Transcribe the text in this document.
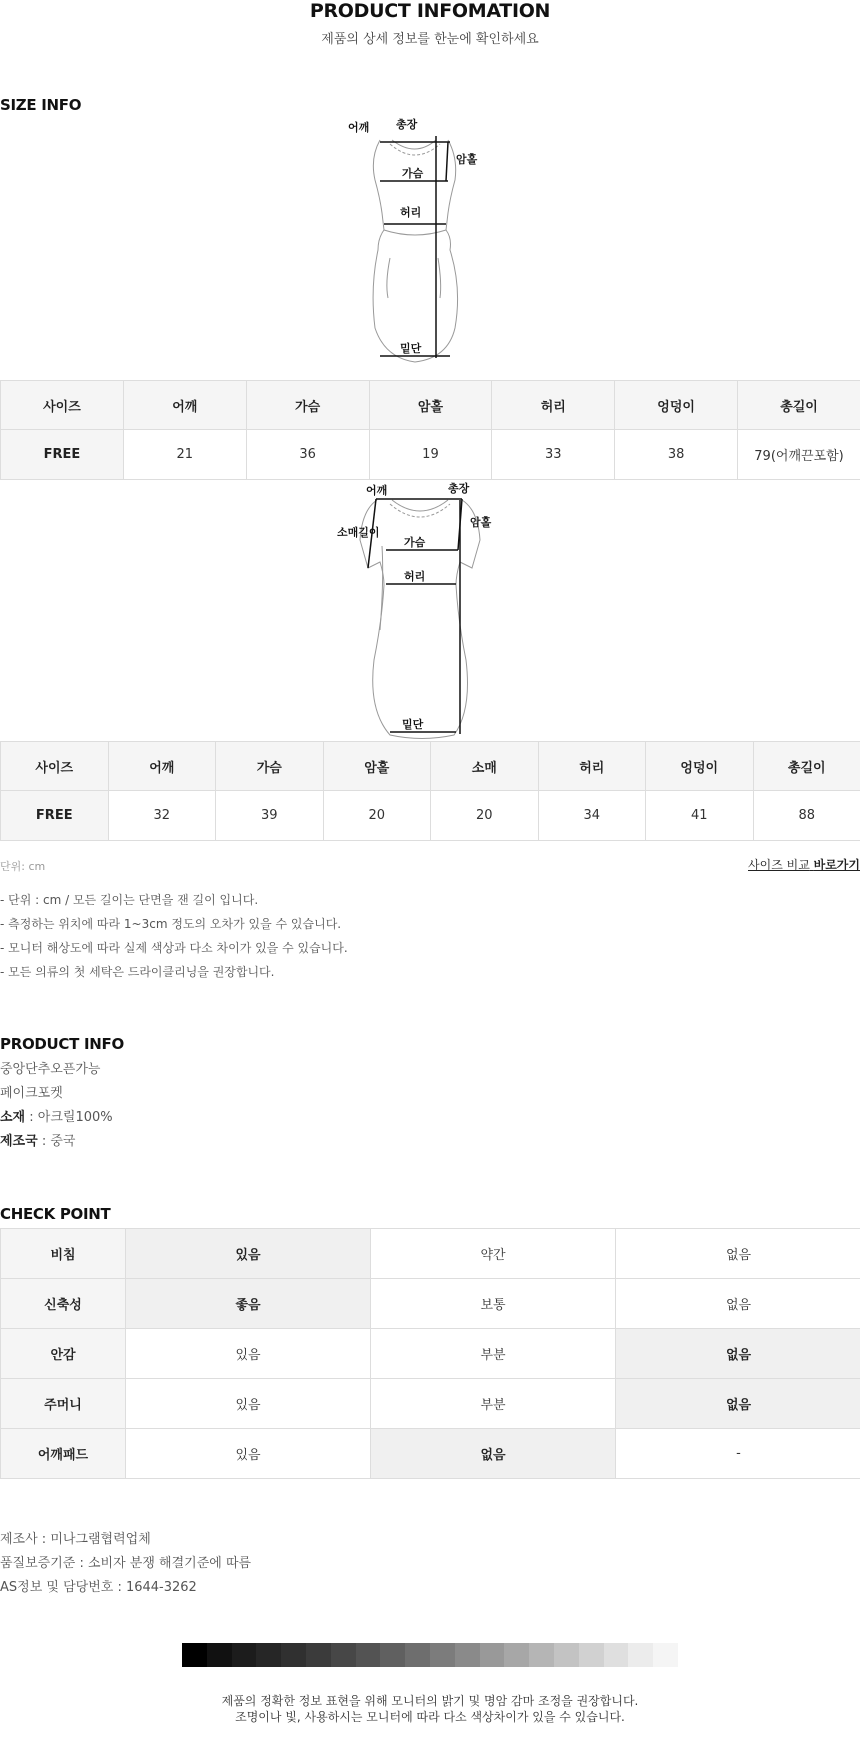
PRODUCT INFOMATION
제품의 상세 정보를 한눈에 확인하세요
SIZE INFO
어깨 총장
암홀
가슴
허리
밑단
사이즈	어깨	가슴	암홀	허리	엉덩이	총길이
FREE	21	36	19	33	38	79(어깨끈포함)
어깨	총장
암홀
가슴
허리
밑단
소매길이
사이즈	어깨	가슴	암홀	소매	허리	엉덩이	총길이
FREE	32	39	20	20	34	41	88
단위: cm	사이즈 비교 바로가기
- 단위 : cm / 모든 길이는 단면을 잰 길이 입니다.
- 측정하는 위치에 따라 1~3cm 정도의 오차가 있을 수 있습니다.
- 모니터 해상도에 따라 실제 색상과 다소 차이가 있을 수 있습니다.
- 모든 의류의 첫 세탁은 드라이클리닝을 권장합니다.
PRODUCT INFO
중앙단추오픈가능
페이크포켓
소재 : 아크릴100%
제조국 : 중국
CHECK POINT
비침	있음	약간	없음
신축성	좋음	보통	없음
안감	있음	부분	없음
주머니	있음	부분	없음
어깨패드	있음	없음	-
제조사 : 미나그램협력업체
품질보증기준 : 소비자 분쟁 해결기준에 따름
AS정보 및 담당번호 : 1644-3262
제품의 정확한 정보 표현을 위해 모니터의 밝기 및 명암 감마 조정을 권장합니다.
조명이나 빛, 사용하시는 모니터에 따라 다소 색상차이가 있을 수 있습니다.
